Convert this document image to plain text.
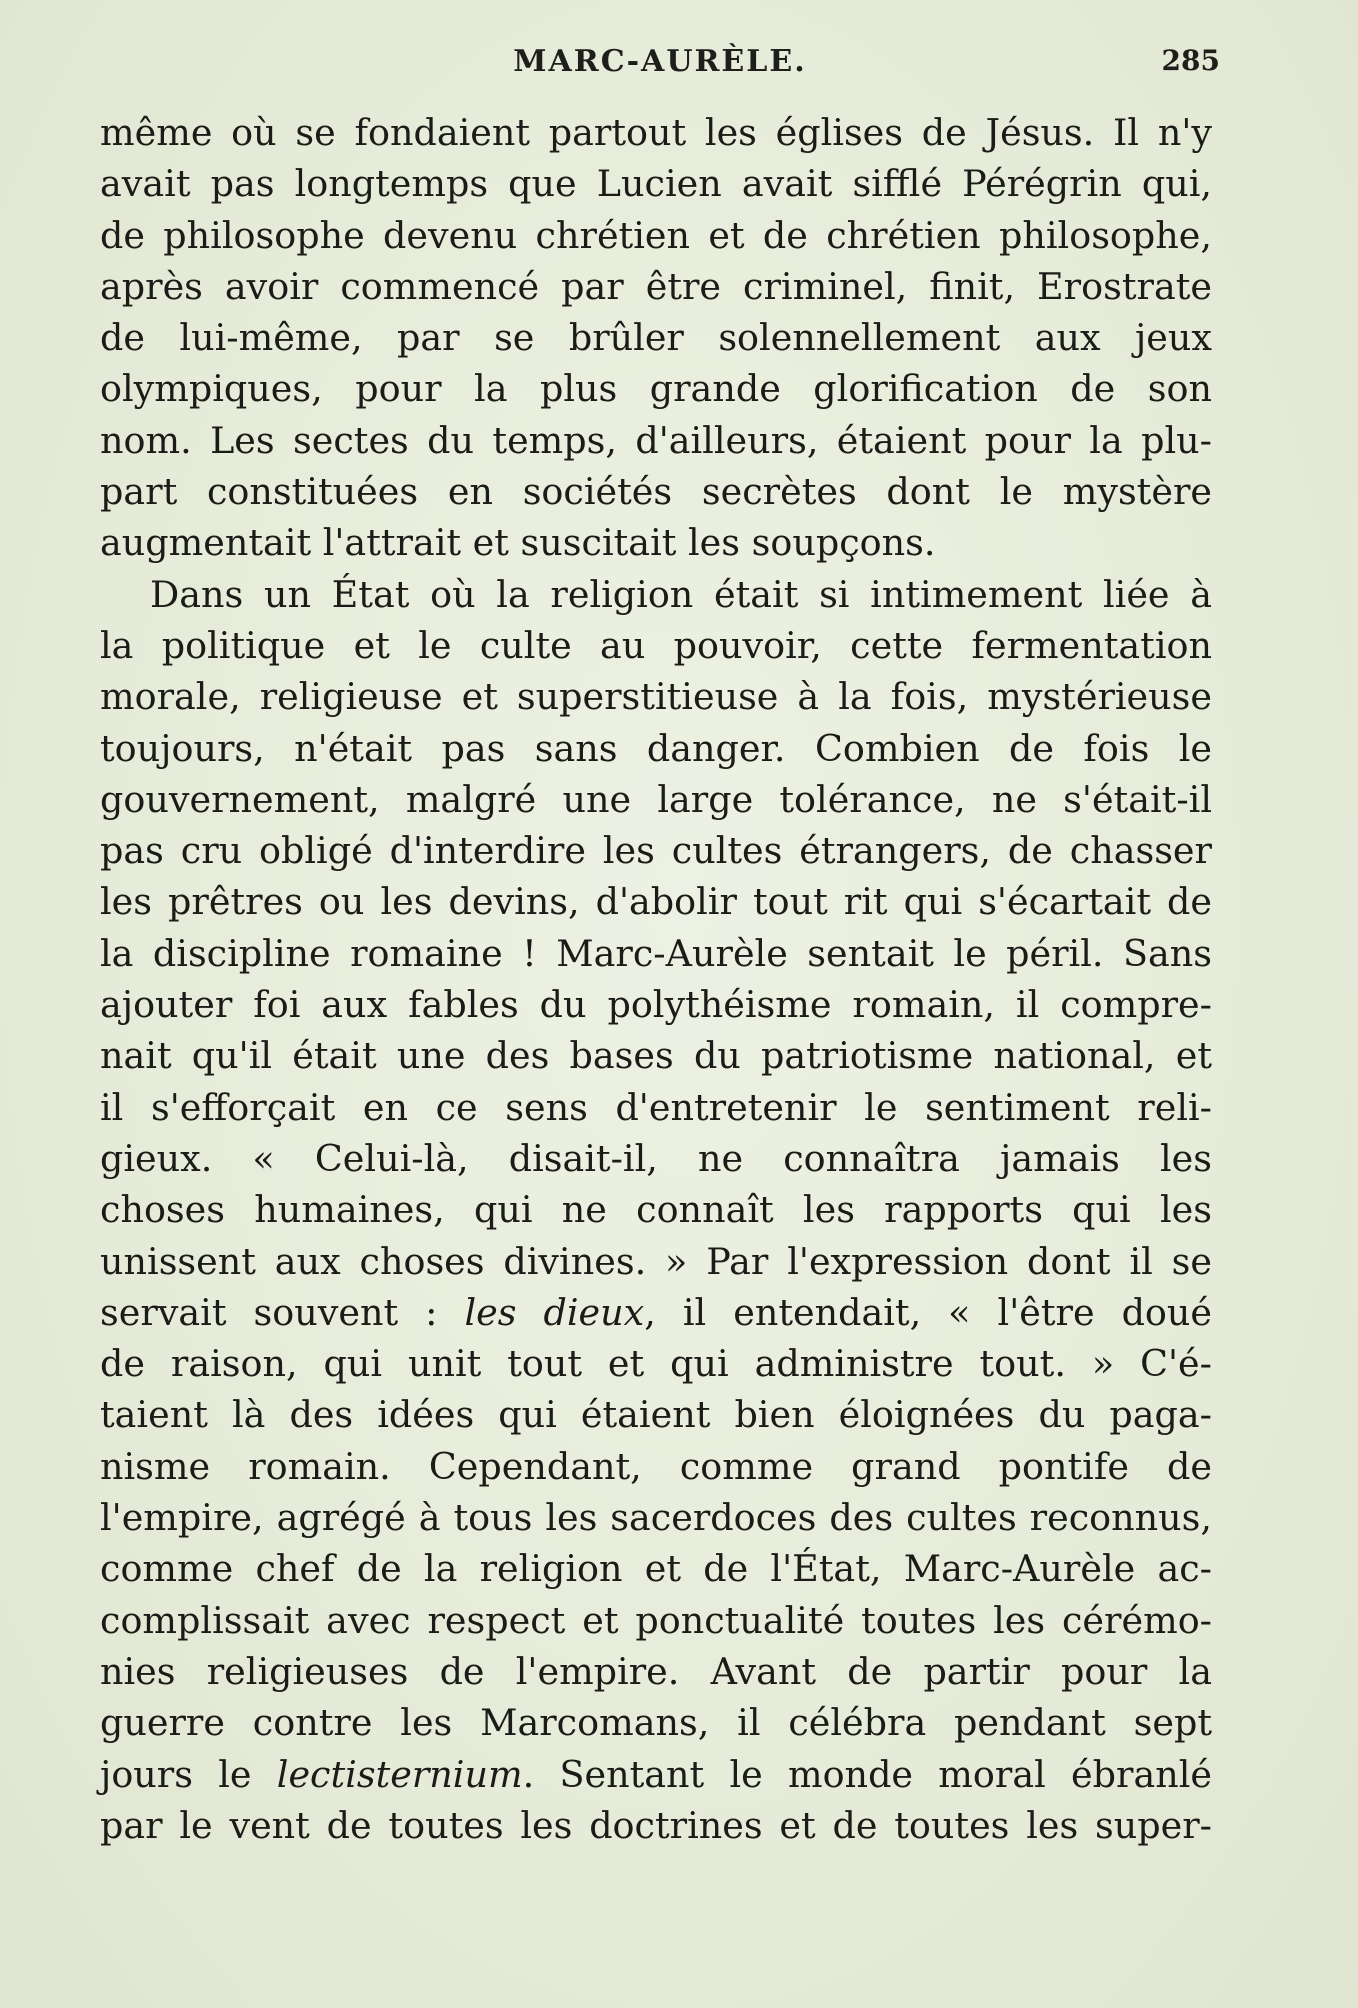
MARC-AURÈLE.	285
même où se fondaient partout les églises de Jésus. Il n'y
avait pas longtemps que Lucien avait sifflé Pérégrin qui,
de philosophe devenu chrétien et de chrétien philosophe,
après avoir commencé par être criminel, finit, Erostrate
de lui-même, par se brûler solennellement aux jeux
olympiques, pour la plus grande glorification de son
nom. Les sectes du temps, d'ailleurs, étaient pour la plu-
part constituées en sociétés secrètes dont le mystère
augmentait l'attrait et suscitait les soupçons.
Dans un État où la religion était si intimement liée à
la politique et le culte au pouvoir, cette fermentation
morale, religieuse et superstitieuse à la fois, mystérieuse
toujours, n'était pas sans danger. Combien de fois le
gouvernement, malgré une large tolérance, ne s'était-il
pas cru obligé d'interdire les cultes étrangers, de chasser
les prêtres ou les devins, d'abolir tout rit qui s'écartait de
la discipline romaine ! Marc-Aurèle sentait le péril. Sans
ajouter foi aux fables du polythéisme romain, il compre-
nait qu'il était une des bases du patriotisme national, et
il s'efforçait en ce sens d'entretenir le sentiment reli-
gieux. « Celui-là, disait-il, ne connaîtra jamais les
choses humaines, qui ne connaît les rapports qui les
unissent aux choses divines. » Par l'expression dont il se
servait souvent : les dieux, il entendait, « l'être doué
de raison, qui unit tout et qui administre tout. » C'é-
taient là des idées qui étaient bien éloignées du paga-
nisme romain. Cependant, comme grand pontife de
l'empire, agrégé à tous les sacerdoces des cultes reconnus,
comme chef de la religion et de l'État, Marc-Aurèle ac-
complissait avec respect et ponctualité toutes les cérémo-
nies religieuses de l'empire. Avant de partir pour la
guerre contre les Marcomans, il célébra pendant sept
jours le lectisternium. Sentant le monde moral ébranlé
par le vent de toutes les doctrines et de toutes les super-
